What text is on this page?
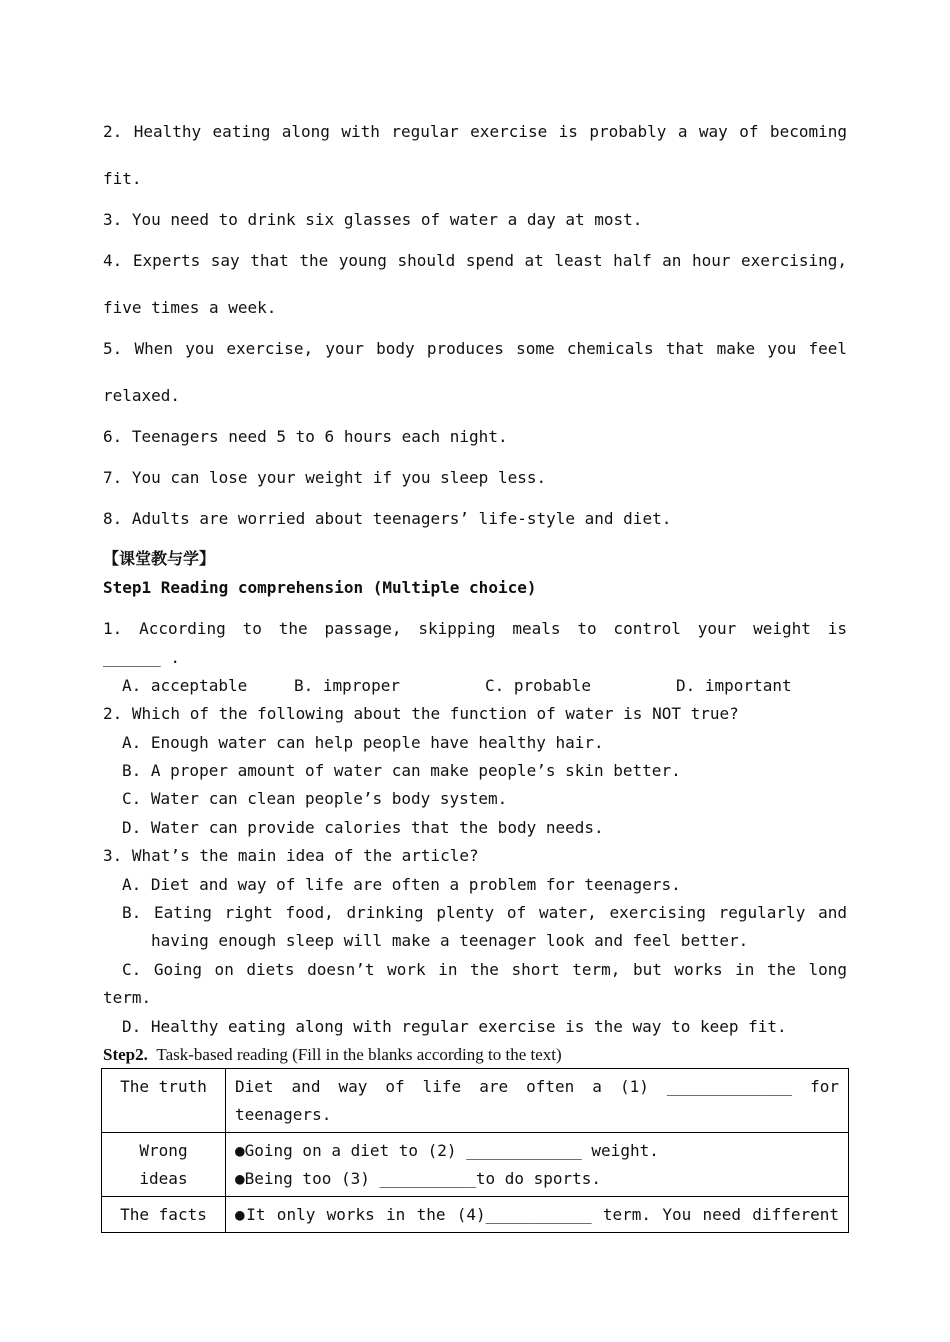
2. Healthy eating along with regular exercise is probably a way of becoming
fit.
3. You need to drink six glasses of water a day at most.
4. Experts say that the young should spend at least half an hour exercising,
five times a week.
5. When you exercise, your body produces some chemicals that make you feel
relaxed.
6. Teenagers need 5 to 6 hours each night.
7. You can lose your weight if you sleep less.
8. Adults are worried about teenagers’ life-style and diet.
【课堂教与学】
Step1 Reading comprehension (Multiple choice)
1. According to the passage, skipping meals to control your weight is
______ .
A. acceptable	B. improper	C. probable	D. important
2. Which of the following about the function of water is NOT true?
A. Enough water can help people have healthy hair.
B. A proper amount of water can make people’s skin better.
C. Water can clean people’s body system.
D. Water can provide calories that the body needs.
3. What’s the main idea of the article?
A. Diet and way of life are often a problem for teenagers.
B. Eating right food, drinking plenty of water, exercising regularly and
having enough sleep will make a teenager look and feel better.
C. Going on diets doesn’t work in the short term, but works in the long
term.
D. Healthy eating along with regular exercise is the way to keep fit.
Step2. Task-based reading (Fill in the blanks according to the text)
The truth	Diet and way of life are often a (1) _____________ for
teenagers.

Wrong
ideas	●Going on a diet to (2) ____________ weight.
●Being too (3) __________to do sports.

The facts	●It only works in the (4)___________ term. You need different
